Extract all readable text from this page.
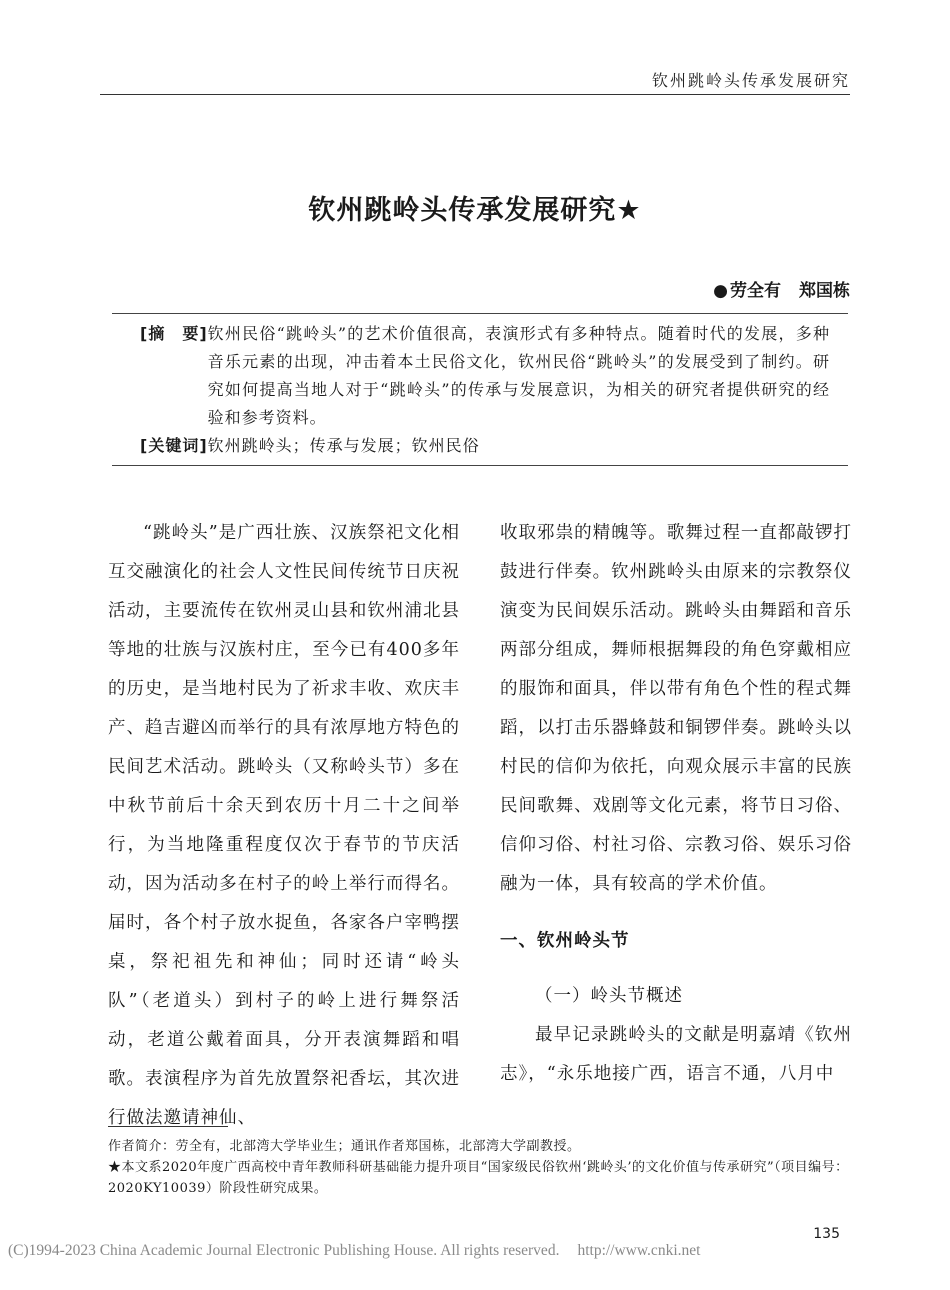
钦州跳岭头传承发展研究
钦州跳岭头传承发展研究★
● 劳全有 郑国栋
[摘　要] 钦州民俗“跳岭头”的艺术价值很高，表演形式有多种特点。随着时代的发展，多种音乐元素的出现，冲击着本土民俗文化，钦州民俗“跳岭头”的发展受到了制约。研究如何提高当地人对于“跳岭头”的传承与发展意识，为相关的研究者提供研究的经验和参考资料。
[关键词] 钦州跳岭头；传承与发展；钦州民俗

“跳岭头”是广西壮族、汉族祭祀文化相互交融演化的社会人文性民间传统节日庆祝活动，主要流传在钦州灵山县和钦州浦北县等地的壮族与汉族村庄，至今已有400多年的历史，是当地村民为了祈求丰收、欢庆丰产、趋吉避凶而举行的具有浓厚地方特色的民间艺术活动。跳岭头（又称岭头节）多在中秋节前后十余天到农历十月二十之间举行，为当地隆重程度仅次于春节的节庆活动，因为活动多在村子的岭上举行而得名。届时，各个村子放水捉鱼，各家各户宰鸭摆桌，祭祀祖先和神仙；同时还请“岭头队”（老道头）到村子的岭上进行舞祭活动，老道公戴着面具，分开表演舞蹈和唱歌。表演程序为首先放置祭祀香坛，其次进行做法邀请神仙、

收取邪祟的精魄等。歌舞过程一直都敲锣打鼓进行伴奏。钦州跳岭头由原来的宗教祭仪演变为民间娱乐活动。跳岭头由舞蹈和音乐两部分组成，舞师根据舞段的角色穿戴相应的服饰和面具，伴以带有角色个性的程式舞蹈，以打击乐器蜂鼓和铜锣伴奏。跳岭头以村民的信仰为依托，向观众展示丰富的民族民间歌舞、戏剧等文化元素，将节日习俗、信仰习俗、村社习俗、宗教习俗、娱乐习俗融为一体，具有较高的学术价值。

一、钦州岭头节

（一）岭头节概述

最早记录跳岭头的文献是明嘉靖《钦州志》，“永乐地接广西，语言不通，八月中

作者简介：劳全有，北部湾大学毕业生；通讯作者郑国栋，北部湾大学副教授。

★本文系2020年度广西高校中青年教师科研基础能力提升项目“国家级民俗钦州‘跳岭头’的文化价值与传承研究”（项目编号：2020KY10039）阶段性研究成果。

135
(C)1994-2023 China Academic Journal Electronic Publishing House. All rights reserved. http://www.cnki.net
